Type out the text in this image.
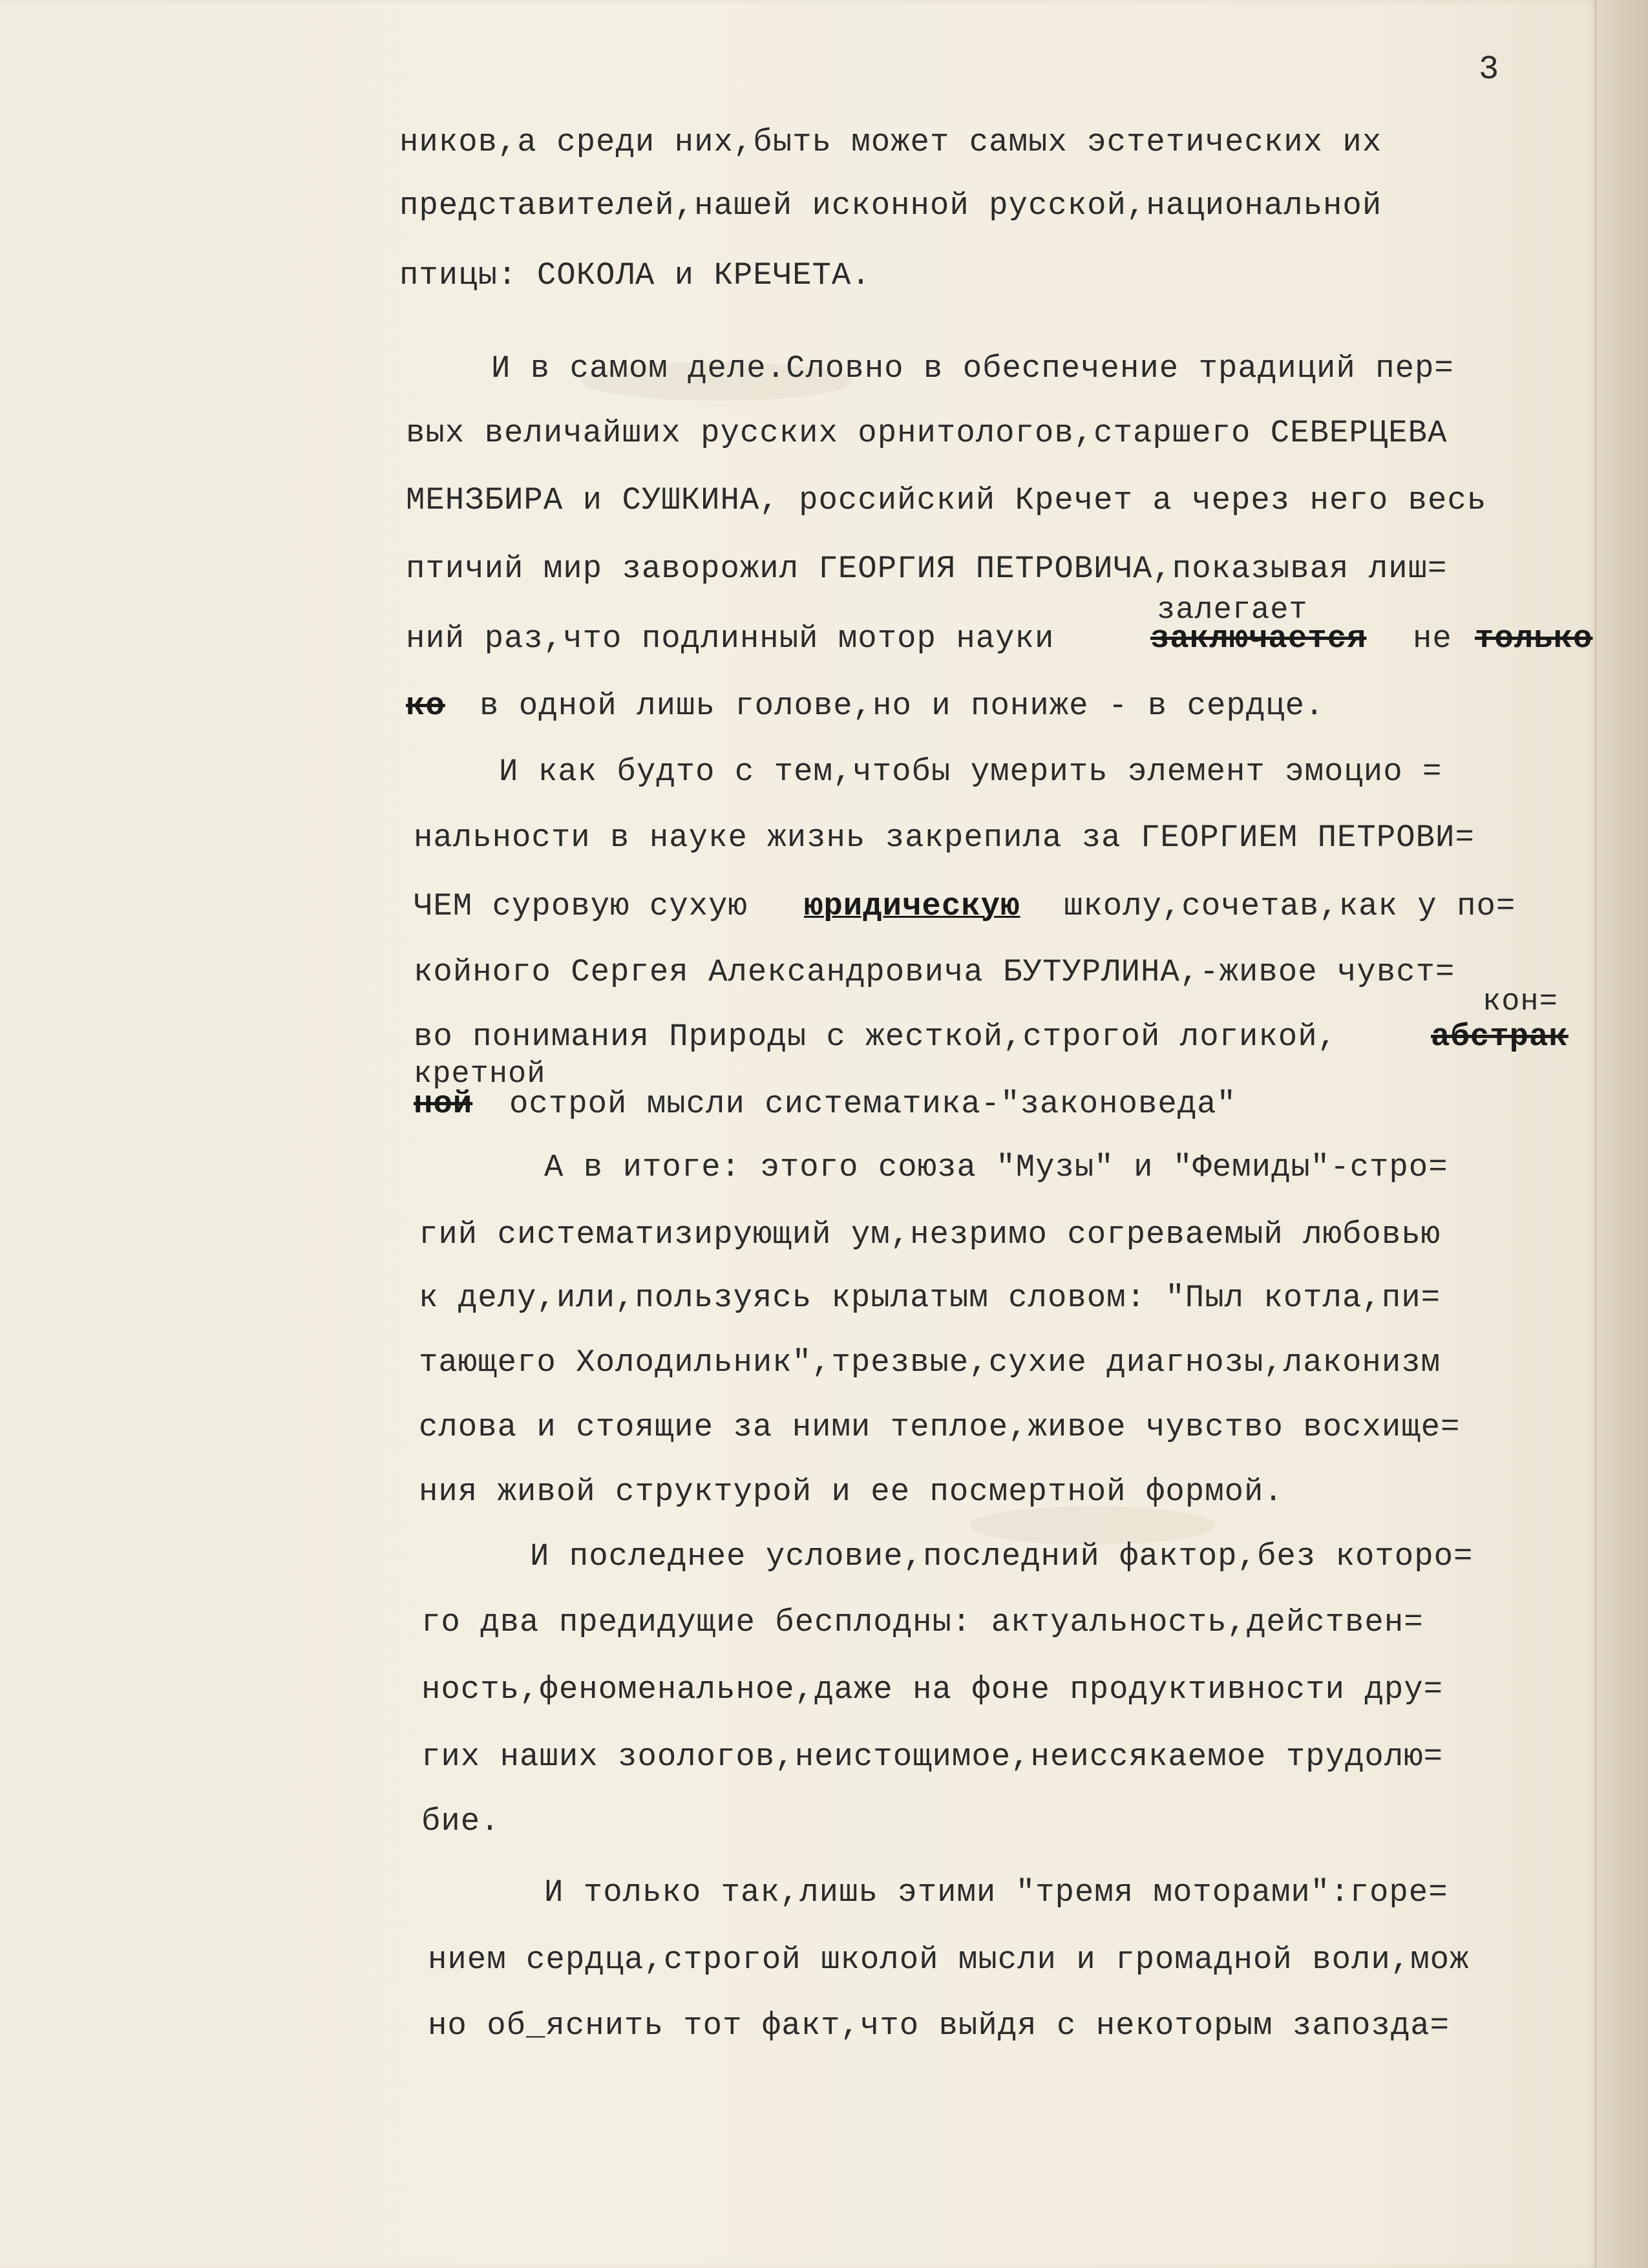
3
ников,а среди них,быть может самых эстетических их
представителей,нашей исконной русской,национальной
птицы: СОКОЛА и КРЕЧЕТА.
И в самом деле.Словно в обеспечение традиций пер=
вых величайших русских орнитологов,старшего СЕВЕРЦЕВА
МЕНЗБИРА и СУШКИНА, российский Кречет а через него весь
птичий мир заворожил ГЕОРГИЯ ПЕТРОВИЧА,показывая лиш=
залегает
ний раз,что подлинный мотор науки	заключается не только
ко в одной лишь голове,но и пониже - в сердце.
И как будто с тем,чтобы умерить элемент эмоцио =
нальности в науке жизнь закрепила за ГЕОРГИЕМ ПЕТРОВИ=
ЧЕМ суровую сухую юридическую школу,сочетав,как у по=
койного Сергея Александровича БУТУРЛИНА,-живое чувст=
кон=
во понимания Природы с жесткой,строгой логикой,	абстрак
кретной
ной острой мысли систематика-"законоведа"
А в итоге: этого союза "Музы" и "Фемиды"-стро=
гий систематизирующий ум,незримо согреваемый любовью
к делу,или,пользуясь крылатым словом: "Пыл котла,пи=
тающего Холодильник",трезвые,сухие диагнозы,лаконизм
слова и стоящие за ними теплое,живое чувство восхище=
ния живой структурой и ее посмертной формой.
И последнее условие,последний фактор,без которо=
го два предидущие бесплодны: актуальность,действен=
ность,феноменальное,даже на фоне продуктивности дру=
гих наших зоологов,неистощимое,неиссякаемое трудолю=
бие.
И только так,лишь этими "тремя моторами":горе=
нием сердца,строгой школой мысли и громадной воли,мож
но об_яснить тот факт,что выйдя с некоторым запозда=
